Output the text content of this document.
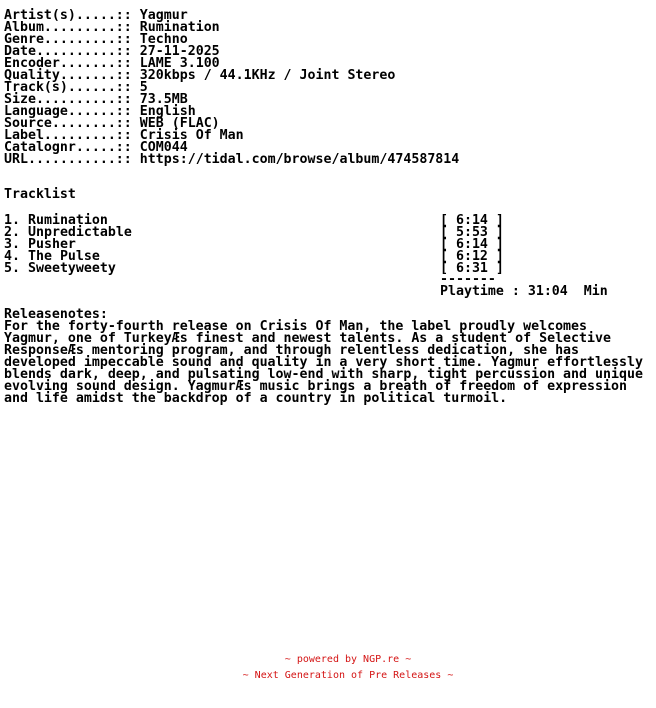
Artist(s).....:: Yagmur
Album.........:: Rumination
Genre.........:: Techno
Date..........:: 27-11-2025
Encoder.......:: LAME 3.100
Quality.......:: 320kbps / 44.1KHz / Joint Stereo
Track(s)......:: 5
Size..........:: 73.5MB
Language......:: English
Source........:: WEB (FLAC)
Label.........:: Crisis Of Man
Catalognr.....:: COM044
URL...........:: https://tidal.com/browse/album/474587814
Tracklist
1. Rumination	[ 6:14 ]
2. Unpredictable	[ 5:53 ]
3. Pusher	[ 6:14 ]
4. The Pulse	[ 6:12 ]
5. Sweetyweety	[ 6:31 ]
-------
Playtime : 31:04  Min
Releasenotes:
For the forty-fourth release on Crisis Of Man, the label proudly welcomes
Yagmur, one of TurkeyÆs finest and newest talents. As a student of Selective
ResponseÆs mentoring program, and through relentless dedication, she has
developed impeccable sound and quality in a very short time. Yagmur effortlessly
blends dark, deep, and pulsating low-end with sharp, tight percussion and unique
evolving sound design. YagmurÆs music brings a breath of freedom of expression
and life amidst the backdrop of a country in political turmoil.
~ powered by NGP.re ~
~ Next Generation of Pre Releases ~
